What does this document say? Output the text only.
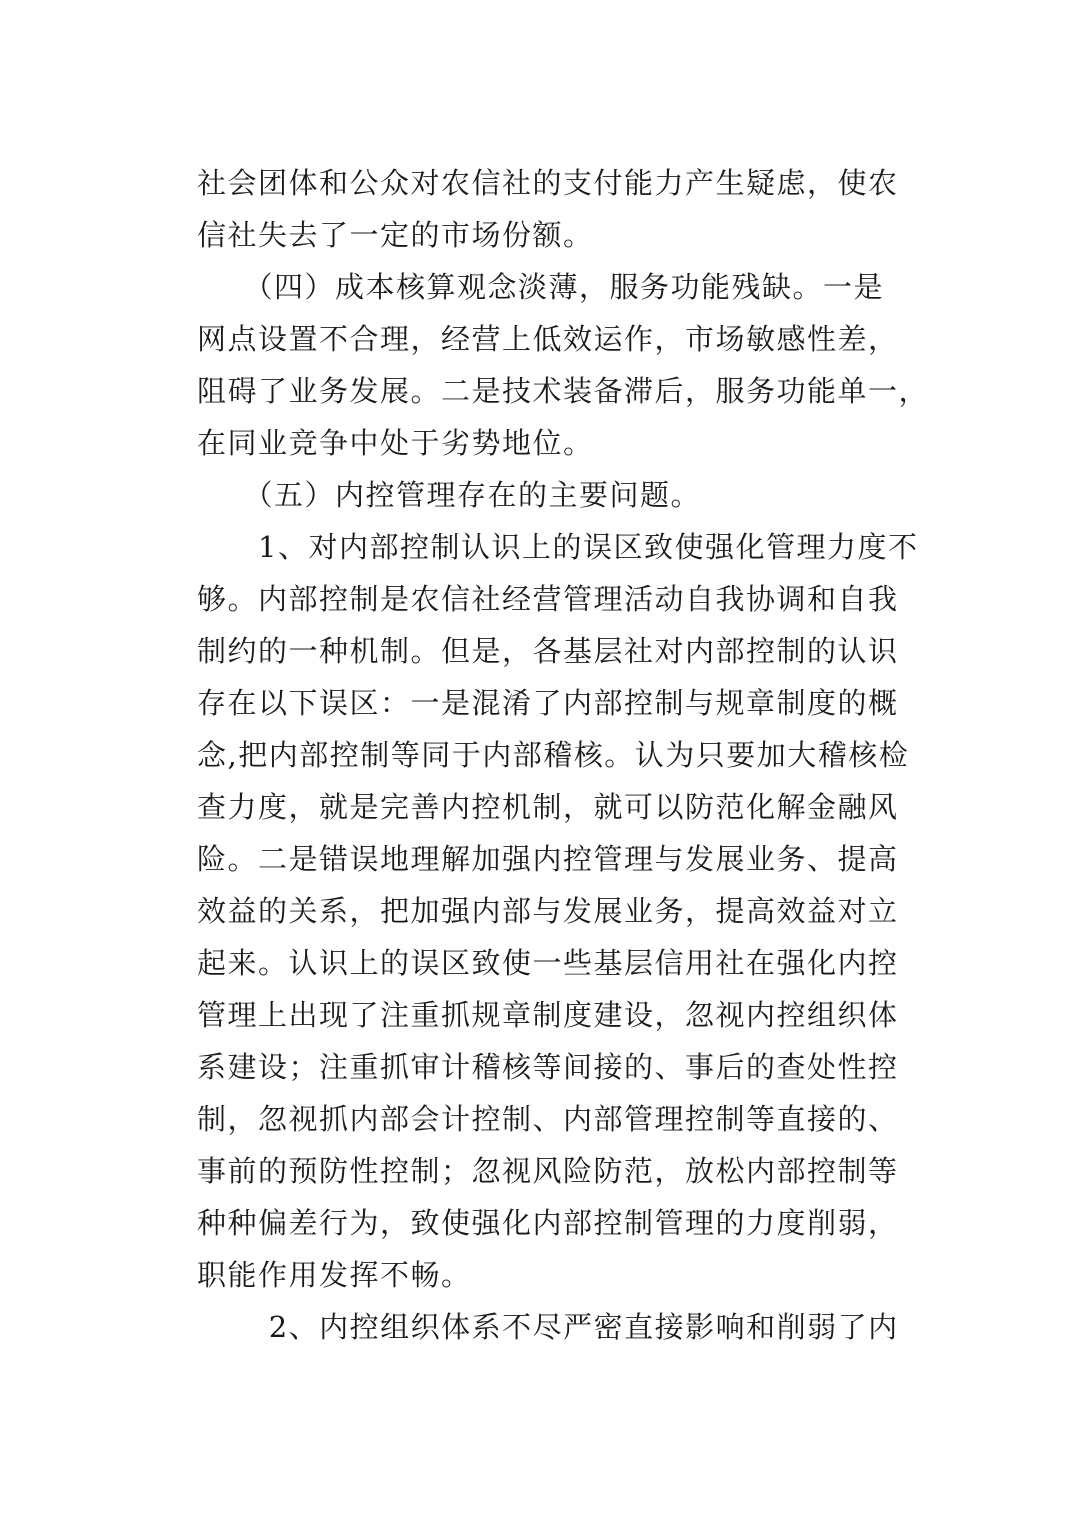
社会团体和公众对农信社的支付能力产生疑虑，使农
信社失去了一定的市场份额。
　　（四）成本核算观念淡薄，服务功能残缺。一是
网点设置不合理，经营上低效运作，市场敏感性差，
阻碍了业务发展。二是技术装备滞后，服务功能单一，
在同业竞争中处于劣势地位。
　　（五）内控管理存在的主要问题。
　　1、对内部控制认识上的误区致使强化管理力度不
够。内部控制是农信社经营管理活动自我协调和自我
制约的一种机制。但是，各基层社对内部控制的认识
存在以下误区：一是混淆了内部控制与规章制度的概
念,把内部控制等同于内部稽核。认为只要加大稽核检
查力度，就是完善内控机制，就可以防范化解金融风
险。二是错误地理解加强内控管理与发展业务、提高
效益的关系，把加强内部与发展业务，提高效益对立
起来。认识上的误区致使一些基层信用社在强化内控
管理上出现了注重抓规章制度建设，忽视内控组织体
系建设；注重抓审计稽核等间接的、事后的查处性控
制，忽视抓内部会计控制、内部管理控制等直接的、
事前的预防性控制；忽视风险防范，放松内部控制等
种种偏差行为，致使强化内部控制管理的力度削弱，
职能作用发挥不畅。
　　 2、内控组织体系不尽严密直接影响和削弱了内
